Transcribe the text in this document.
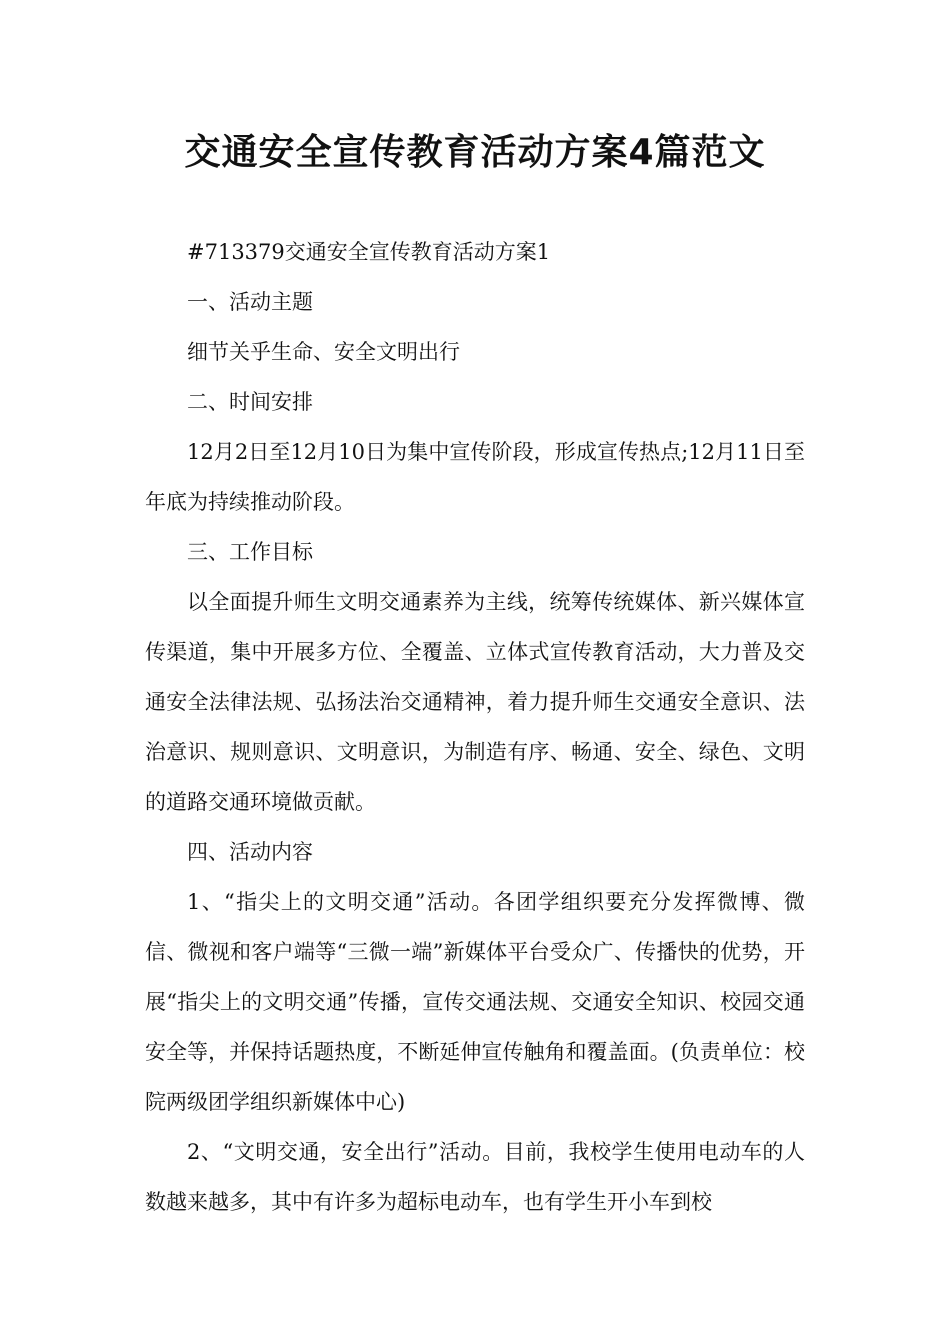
交通安全宣传教育活动方案4篇范文

#713379交通安全宣传教育活动方案1

一、活动主题

细节关乎生命、安全文明出行

二、时间安排

12月2日至12月10日为集中宣传阶段，形成宣传热点;12月11日至年底为持续推动阶段。

三、工作目标

以全面提升师生文明交通素养为主线，统筹传统媒体、新兴媒体宣传渠道，集中开展多方位、全覆盖、立体式宣传教育活动，大力普及交通安全法律法规、弘扬法治交通精神，着力提升师生交通安全意识、法治意识、规则意识、文明意识，为制造有序、畅通、安全、绿色、文明的道路交通环境做贡献。

四、活动内容

1、“指尖上的文明交通”活动。各团学组织要充分发挥微博、微信、微视和客户端等“三微一端”新媒体平台受众广、传播快的优势，开展“指尖上的文明交通”传播，宣传交通法规、交通安全知识、校园交通安全等，并保持话题热度，不断延伸宣传触角和覆盖面。(负责单位：校院两级团学组织新媒体中心)

2、“文明交通，安全出行”活动。目前，我校学生使用电动车的人数越来越多，其中有许多为超标电动车，也有学生开小车到校
